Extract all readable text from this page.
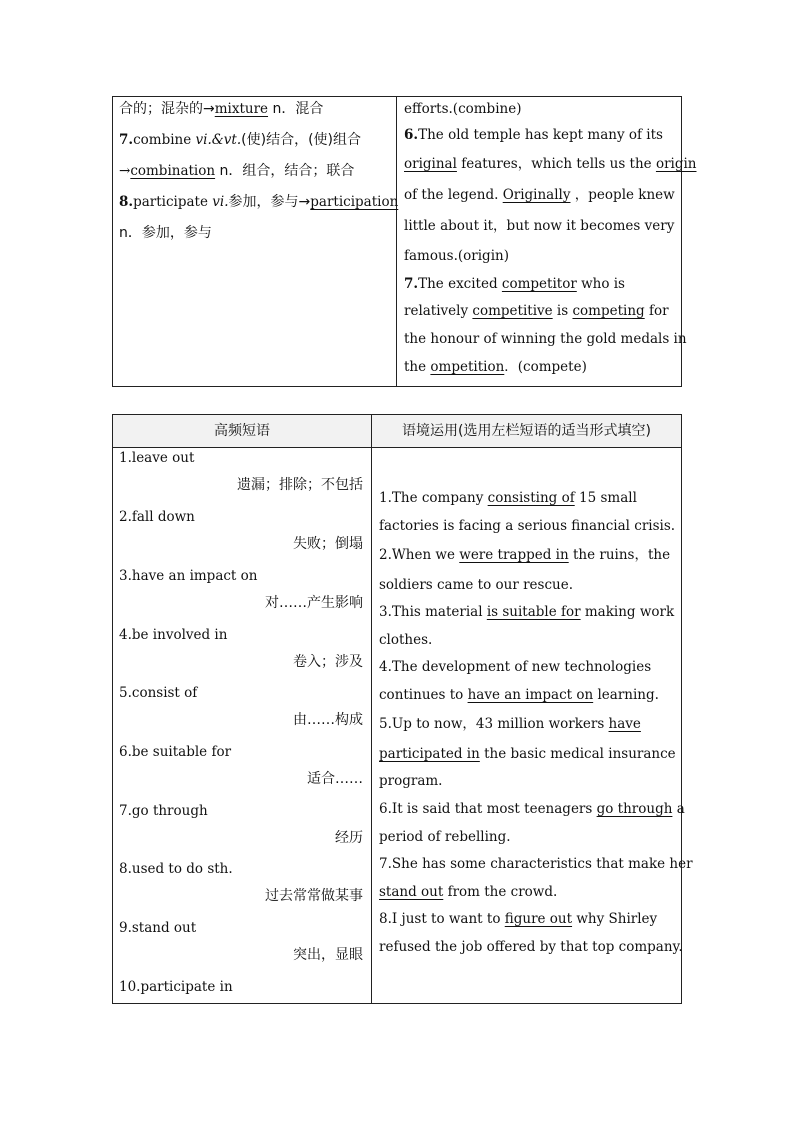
合的；混杂的→mixture n．混合
7.combine vi.&vt.(使)结合，(使)组合
→combination n．组合，结合；联合
8.participate vi.参加，参与→participation
n．参加，参与
efforts.(combine)
6.The old temple has kept many of its
original features，which tells us the origin
of the legend. Originally ，people knew
little about it，but now it becomes very
famous.(origin)
7.The excited competitor who is
relatively competitive is competing for
the honour of winning the gold medals in
the ompetition．(compete)
高频短语	语境运用(选用左栏短语的适当形式填空)
1.leave out
遗漏；排除；不包括
2.fall down
失败；倒塌
3.have an impact on
对……产生影响
4.be involved in
卷入；涉及
5.consist of
由……构成
6.be suitable for
适合……
7.go through
经历
8.used to do sth.
过去常常做某事
9.stand out
突出，显眼
10.participate in
1.The company consisting of 15 small
factories is facing a serious financial crisis.
2.When we were trapped in the ruins，the
soldiers came to our rescue.
3.This material is suitable for making work
clothes.
4.The development of new technologies
continues to have an impact on learning.
5.Up to now，43 million workers have
participated in the basic medical insurance
program.
6.It is said that most teenagers go through a
period of rebelling.
7.She has some characteristics that make her
stand out from the crowd.
8.I just to want to figure out why Shirley
refused the job offered by that top company.
